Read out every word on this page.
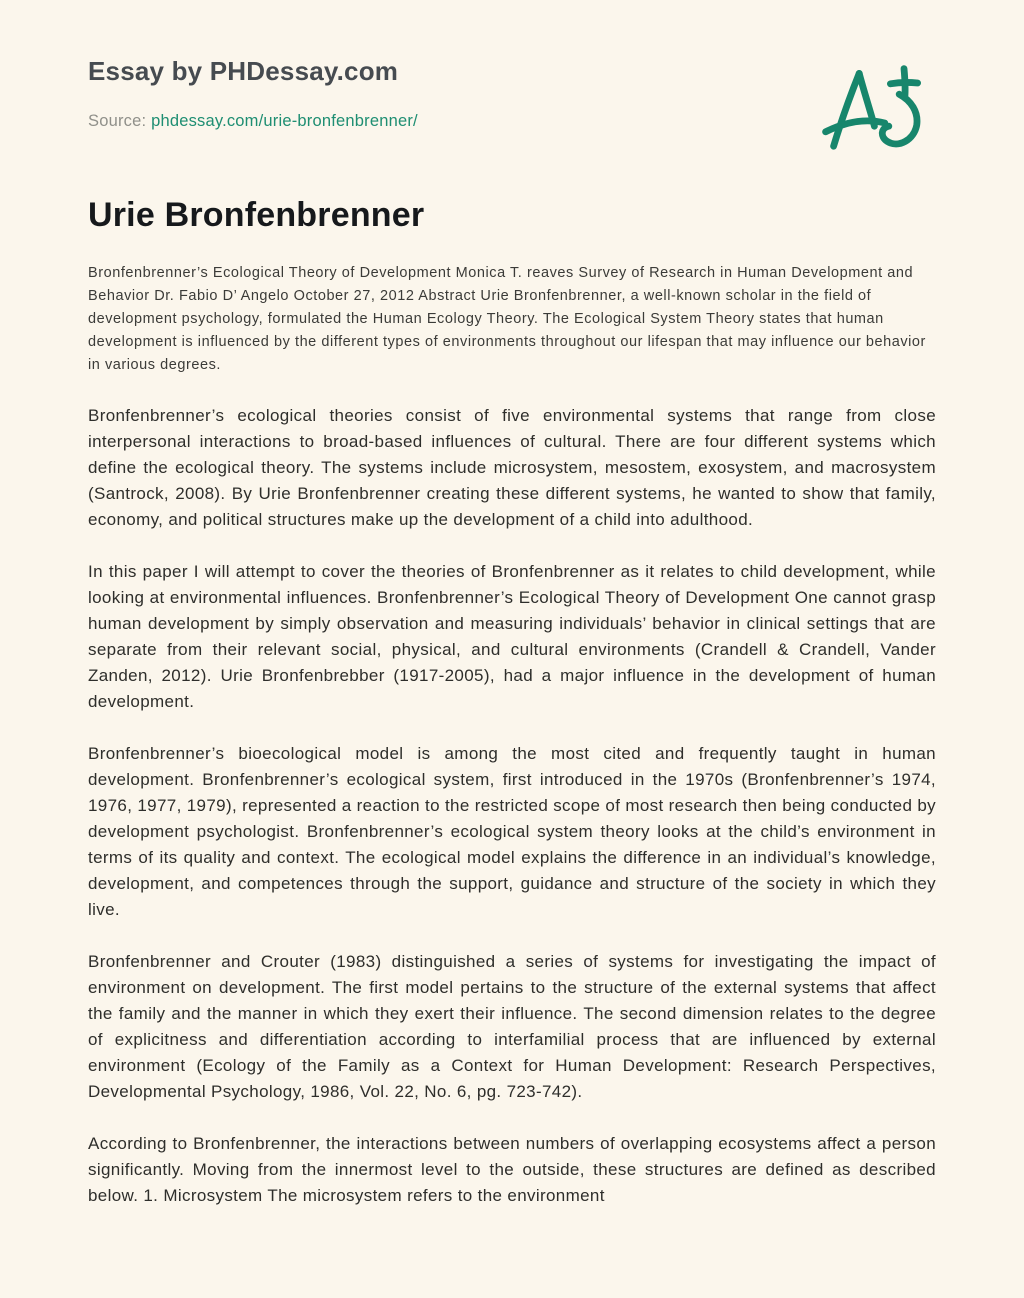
Essay by PHDessay.com
Source: phdessay.com/urie-bronfenbrenner/
Urie Bronfenbrenner

Bronfenbrenner’s Ecological Theory of Development Monica T. reaves Survey of Research in Human Development and Behavior Dr. Fabio D’ Angelo October 27, 2012 Abstract Urie Bronfenbrenner, a well-known scholar in the field of development psychology, formulated the Human Ecology Theory. The Ecological System Theory states that human development is influenced by the different types of environments throughout our lifespan that may influence our behavior in various degrees.

Bronfenbrenner’s ecological theories consist of five environmental systems that range from close interpersonal interactions to broad-based influences of cultural. There are four different systems which define the ecological theory. The systems include microsystem, mesostem, exosystem, and macrosystem (Santrock, 2008). By Urie Bronfenbrenner creating these different systems, he wanted to show that family, economy, and political structures make up the development of a child into adulthood.

In this paper I will attempt to cover the theories of Bronfenbrenner as it relates to child development, while looking at environmental influences. Bronfenbrenner’s Ecological Theory of Development One cannot grasp human development by simply observation and measuring individuals’ behavior in clinical settings that are separate from their relevant social, physical, and cultural environments (Crandell & Crandell, Vander Zanden, 2012). Urie Bronfenbrebber (1917-2005), had a major influence in the development of human development.

Bronfenbrenner’s bioecological model is among the most cited and frequently taught in human development. Bronfenbrenner’s ecological system, first introduced in the 1970s (Bronfenbrenner’s 1974, 1976, 1977, 1979), represented a reaction to the restricted scope of most research then being conducted by development psychologist. Bronfenbrenner’s ecological system theory looks at the child’s environment in terms of its quality and context. The ecological model explains the difference in an individual’s knowledge, development, and competences through the support, guidance and structure of the society in which they live.

Bronfenbrenner and Crouter (1983) distinguished a series of systems for investigating the impact of environment on development. The first model pertains to the structure of the external systems that affect the family and the manner in which they exert their influence. The second dimension relates to the degree of explicitness and differentiation according to interfamilial process that are influenced by external environment (Ecology of the Family as a Context for Human Development: Research Perspectives, Developmental Psychology, 1986, Vol. 22, No. 6, pg. 723-742).

According to Bronfenbrenner, the interactions between numbers of overlapping ecosystems affect a person significantly. Moving from the innermost level to the outside, these structures are defined as described below. 1. Microsystem The microsystem refers to the environment
